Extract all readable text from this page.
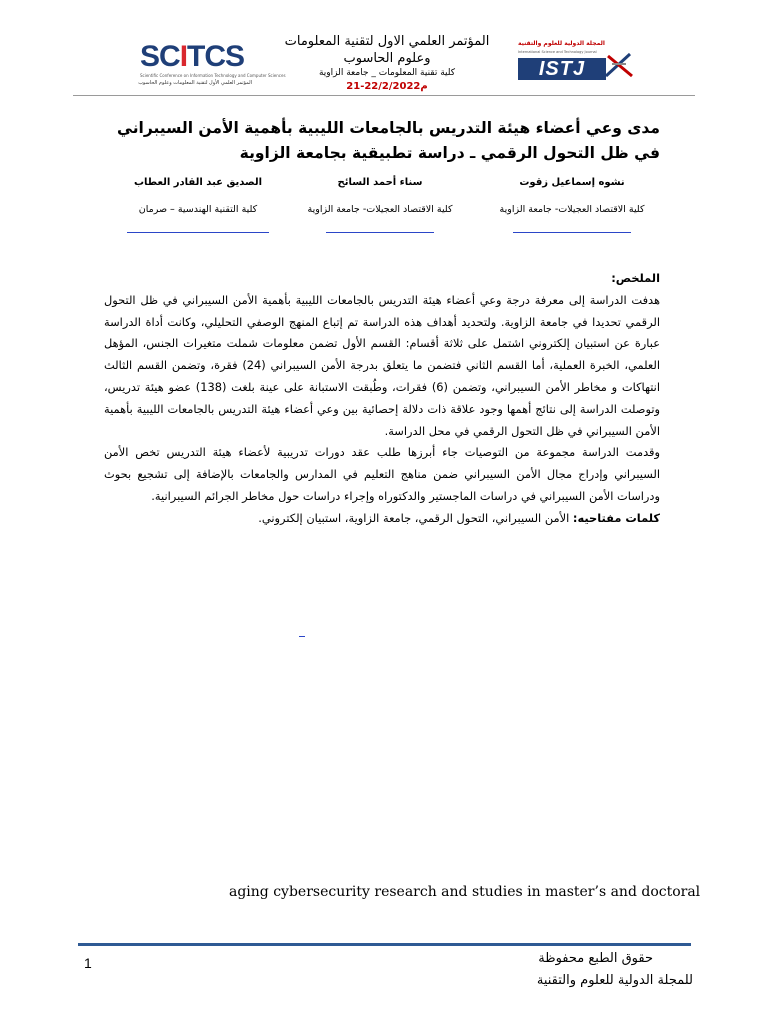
SCITCS
Scientific Conference on Information Technology and Computer Sciences
المؤتمر العلمي الأول لتقنية المعلومات وعلوم الحاسوب
المؤتمر العلمي الاول لتقنية المعلومات وعلوم الحاسوب
كلية تقنية المعلومات _ جامعة الزاوية
21-22/2/2022م
المجلة الدولية للعلوم والتقنية
International Science and Technology Journal
ISTJ
مدى وعي أعضاء هيئة التدريس بالجامعات الليبية بأهمية الأمن السيبراني في ظل التحول الرقمي ـ دراسة تطبيقية بجامعة الزاوية
نشوه إسماعيل زقوت
كلية الاقتصاد العجيلات- جامعة الزاوية
سناء أحمد السائح
كلية الاقتصاد العجيلات- جامعة الزاوية
الصديق عبد القادر العطاب
كلية التقنية الهندسية – صرمان
الملخص:

هدفت الدراسة إلى معرفة درجة وعي أعضاء هيئة التدريس بالجامعات الليبية بأهمية الأمن السيبراني في ظل التحول الرقمي تحديدا في جامعة الزاوية. ولتحديد أهداف هذه الدراسة تم إتباع المنهج الوصفي التحليلي، وكانت أداة الدراسة عبارة عن استبيان إلكتروني اشتمل على ثلاثة أقسام: القسم الأول تضمن معلومات شملت متغيرات الجنس، المؤهل العلمي، الخبرة العملية، أما القسم الثاني فتضمن ما يتعلق بدرجة الأمن السيبراني (24) فقرة، وتضمن القسم الثالث انتهاكات و مخاطر الأمن السيبراني، وتضمن (6) فقرات، وطُبقت الاستبانة على عينة بلغت (138) عضو هيئة تدريس، وتوصلت الدراسة إلى نتائج أهمها وجود علاقة ذات دلالة إحصائية بين وعي أعضاء هيئة التدريس بالجامعات الليبية بأهمية الأمن السيبراني في ظل التحول الرقمي في محل الدراسة.

وقدمت الدراسة مجموعة من التوصيات جاء أبرزها طلب عقد دورات تدريبية لأعضاء هيئة التدريس تخص الأمن السيبراني وإدراج مجال الأمن السيبراني ضمن مناهج التعليم في المدارس والجامعات بالإضافة إلى تشجيع بحوث ودراسات الأمن السيبراني في دراسات الماجستير والدكتوراه وإجراء دراسات حول مخاطر الجرائم السيبرانية.

كلمات مفتاحيه: الأمن السيبراني، التحول الرقمي، جامعة الزاوية، استبيان إلكتروني.

aging cybersecurity research and studies in master’s and doctoral
1	حقوق الطبع محفوظة
للمجلة الدولية للعلوم والتقنية
